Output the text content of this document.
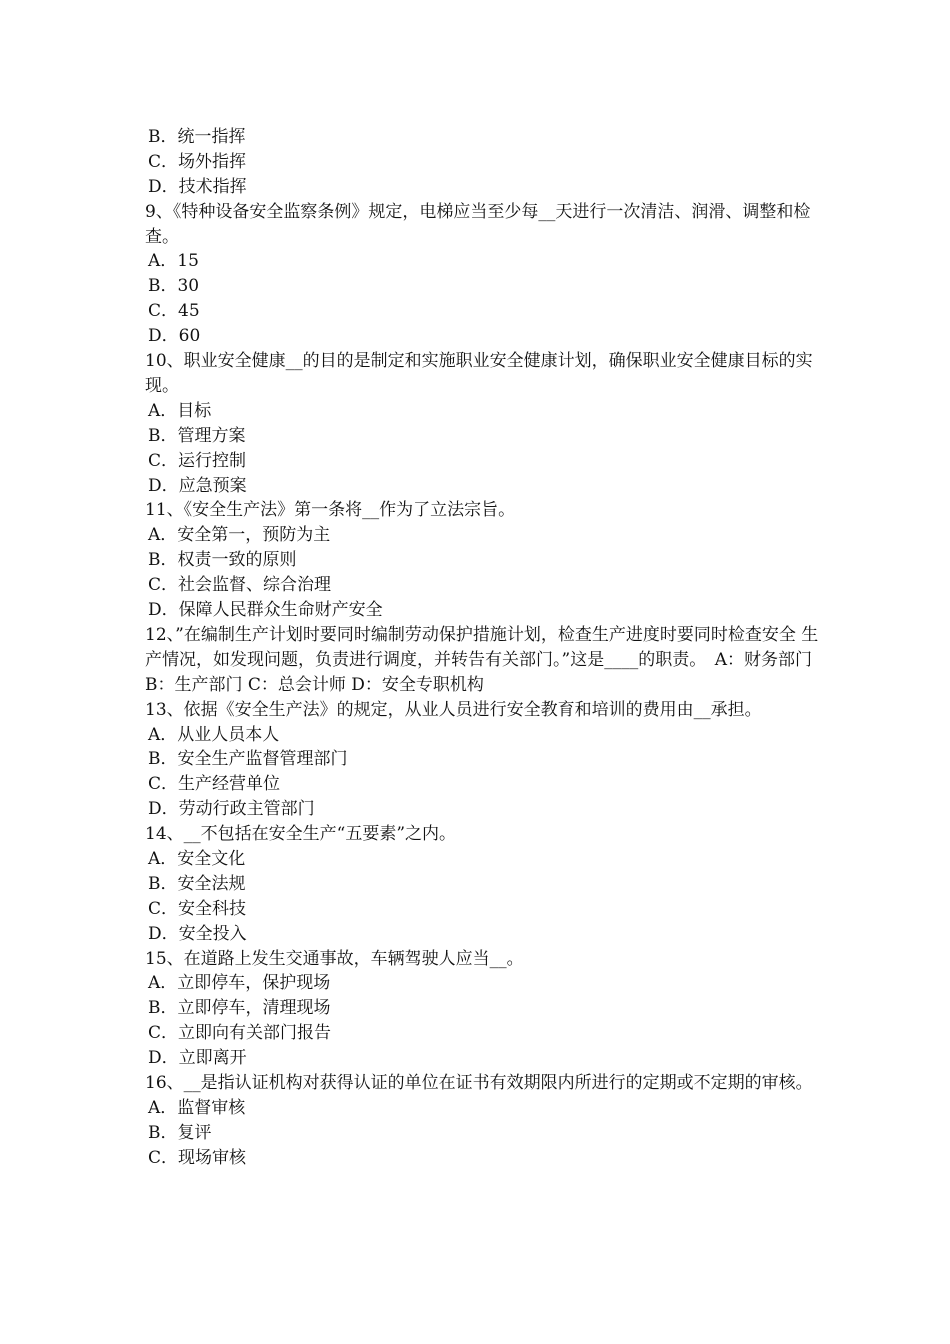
B．统一指挥
C．场外指挥
D．技术指挥
9、《特种设备安全监察条例》规定，电梯应当至少每__天进行一次清洁、润滑、调整和检查。
A．15
B．30
C．45
D．60
10、职业安全健康__的目的是制定和实施职业安全健康计划，确保职业安全健康目标的实现。
A．目标
B．管理方案
C．运行控制
D．应急预案
11、《安全生产法》第一条将__作为了立法宗旨。
A．安全第一，预防为主
B．权责一致的原则
C．社会监督、综合治理
D．保障人民群众生命财产安全
12、”在编制生产计划时要同时编制劳动保护措施计划，检查生产进度时要同时检查安全 生产情况，如发现问题，负责进行调度，并转告有关部门。”这是____的职责。　A：财务部门 B：生产部门 C：总会计师 D：安全专职机构
13、依据《安全生产法》的规定，从业人员进行安全教育和培训的费用由__承担。
A．从业人员本人
B．安全生产监督管理部门
C．生产经营单位
D．劳动行政主管部门
14、__不包括在安全生产“五要素”之内。
A．安全文化
B．安全法规
C．安全科技
D．安全投入
15、在道路上发生交通事故，车辆驾驶人应当__。
A．立即停车，保护现场
B．立即停车，清理现场
C．立即向有关部门报告
D．立即离开
16、__是指认证机构对获得认证的单位在证书有效期限内所进行的定期或不定期的审核。
A．监督审核
B．复评
C．现场审核
